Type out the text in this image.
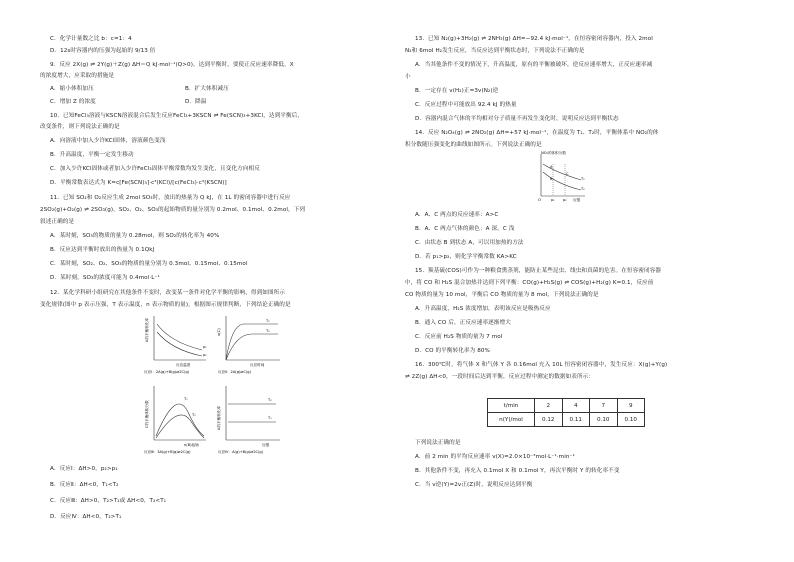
C．化学计量数之比 b：c=1：4
D．12s时容器内的压强为起始的 9/13 倍
9．反应 2X(g) ⇌ 2Y(g)＋Z(g) ΔH＝Q kJ·mol⁻¹(Q>0)，达到平衡时，要使正反应速率降低，X
的浓度增大，应采取的措施是
A．缩小体积加压	B．扩大体积减压
C．增加 Z 的浓度	D．降温
10．已知FeCl₃溶液与KSCN溶液混合后发生反应FeCl₃+3KSCN ⇌ Fe(SCN)₃+3KCl，达到平衡后，
改变条件，则下列说法正确的是
A．向溶液中加入少许KCl固体，溶液颜色变浅
B．升高温度，平衡一定发生移动
C．加入少许KCl固体或者加入少许FeCl₃固体平衡常数均发生变化，且变化方向相反
D．平衡常数表达式为 K=c[Fe(SCN)₃]·c³(KCl)/[c(FeCl₃)·c³(KSCN)]
11．已知 SO₂和 O₂反应生成 2mol SO₃时，放出的热量为 Q kJ，在 1L 的密闭容器中进行反应
2SO₂(g)+O₂(g) ⇌ 2SO₃(g)，SO₂、O₂、SO₃的起始物质的量分别为 0.2mol、0.1mol、0.2mol，下列
叙述正确的是
A．某时刻，SO₃的物质的量为 0.28mol，则 SO₂的转化率为 40%
B．反应达到平衡时放出的热量为 0.1QkJ
C．某时刻，SO₂、O₂、SO₃的物质的量分别为 0.3mol、0.15mol、0.15mol
D．某时刻，SO₃的浓度可能为 0.4mol·L⁻¹
12．某化学科研小组研究在其他条件不变时，改变某一条件对化学平衡的影响，得到如图所示
变化规律(图中 p 表示压强，T 表示温度，n 表示物质的量)，根据图示规律判断，下列结论正确的是
A的平衡转化率
p₁
p₂
反应温度
反应Ⅰ：2A(g)+B(g)⇌2C(g)
n(C)
T₁
T₂
反应时间
反应Ⅱ：2A(g)⇌C(g)
C的平衡体积分数
T₁
T₂
n(B)起始
反应Ⅲ：3A(g)+B(g)⇌2C(g)
A的平衡转化率
T₂
T₁
压强
反应Ⅳ：A(g)+B(g)⇌2C(g)
A．反应Ⅰ：ΔH>0，p₂>p₁
B．反应Ⅱ：ΔH<0，T₁<T₂
C．反应Ⅲ：ΔH>0，T₂>T₁或 ΔH<0，T₂<T₁
D．反应Ⅳ：ΔH<0，T₂>T₁
13．已知 N₂(g)+3H₂(g) ⇌ 2NH₃(g) ΔH=−92.4 kJ·mol⁻¹，在恒容密闭容器内，投入 2mol
N₂和 6mol H₂发生反应，当反应达到平衡状态时，下列说法不正确的是
A．当其他条件不变的情况下，升高温度，原有的平衡被破坏，逆反应速率增大，正反应速率减
小
B．一定存在 v(H₂)正=3v(N₂)逆
C．反应过程中可能放出 92.4 kJ 的热量
D．容器内混合气体的平均相对分子质量不再发生变化时，说明反应达到平衡状态
14．反应 N₂O₄(g) ⇌ 2NO₂(g) ΔH=+57 kJ·mol⁻¹，在温度为 T₁、T₂时，平衡体系中 NO₂的体
积分数随压强变化的曲线如图所示。下列说法正确的是
NO₂的体积分数
A
B
C
T₁
T₂
O	p₁ p₂ 压强
A．A、C 两点的反应速率：A>C
B．A、C 两点气体的颜色：A 深，C 浅
C．由状态 B 到状态 A，可以用加热的方法
D．若 p₁>p₂，则化学平衡常数 KA>KC
15．羰基硫(COS)可作为一种粮食熏蒸剂，能防止某些昆虫、线虫和真菌的危害。在恒容密闭容器
中，将 CO 和 H₂S 混合加热并达到下列平衡：CO(g)+H₂S(g) ⇌ COS(g)+H₂(g) K=0.1，反应前
CO 物质的量为 10 mol，平衡后 CO 物质的量为 8 mol，下列说法正确的是
A．升高温度，H₂S 浓度增加，表明该反应是吸热反应
B．通入 CO 后，正反应速率逐渐增大
C．反应前 H₂S 物质的量为 7 mol
D．CO 的平衡转化率为 80%
16．300℃时，将气体 X 和气体 Y 各 0.16mol 充入 10L 恒容密闭容器中，发生反应：X(g)+Y(g)
⇌ 2Z(g) ΔH<0，一段时间后达到平衡，反应过程中测定的数据如表所示：
t/min	2	4	7	9
n(Y)/mol	0.12	0.11	0.10	0.10
下列说法正确的是
A．前 2 min 的平均反应速率 v(X)=2.0×10⁻³mol·L⁻¹·min⁻¹
B．其他条件不变，再充入 0.1mol X 和 0.1mol Y，再次平衡时 Y 的转化率不变
C．当 v逆(Y)=2v正(Z)时，说明反应达到平衡
